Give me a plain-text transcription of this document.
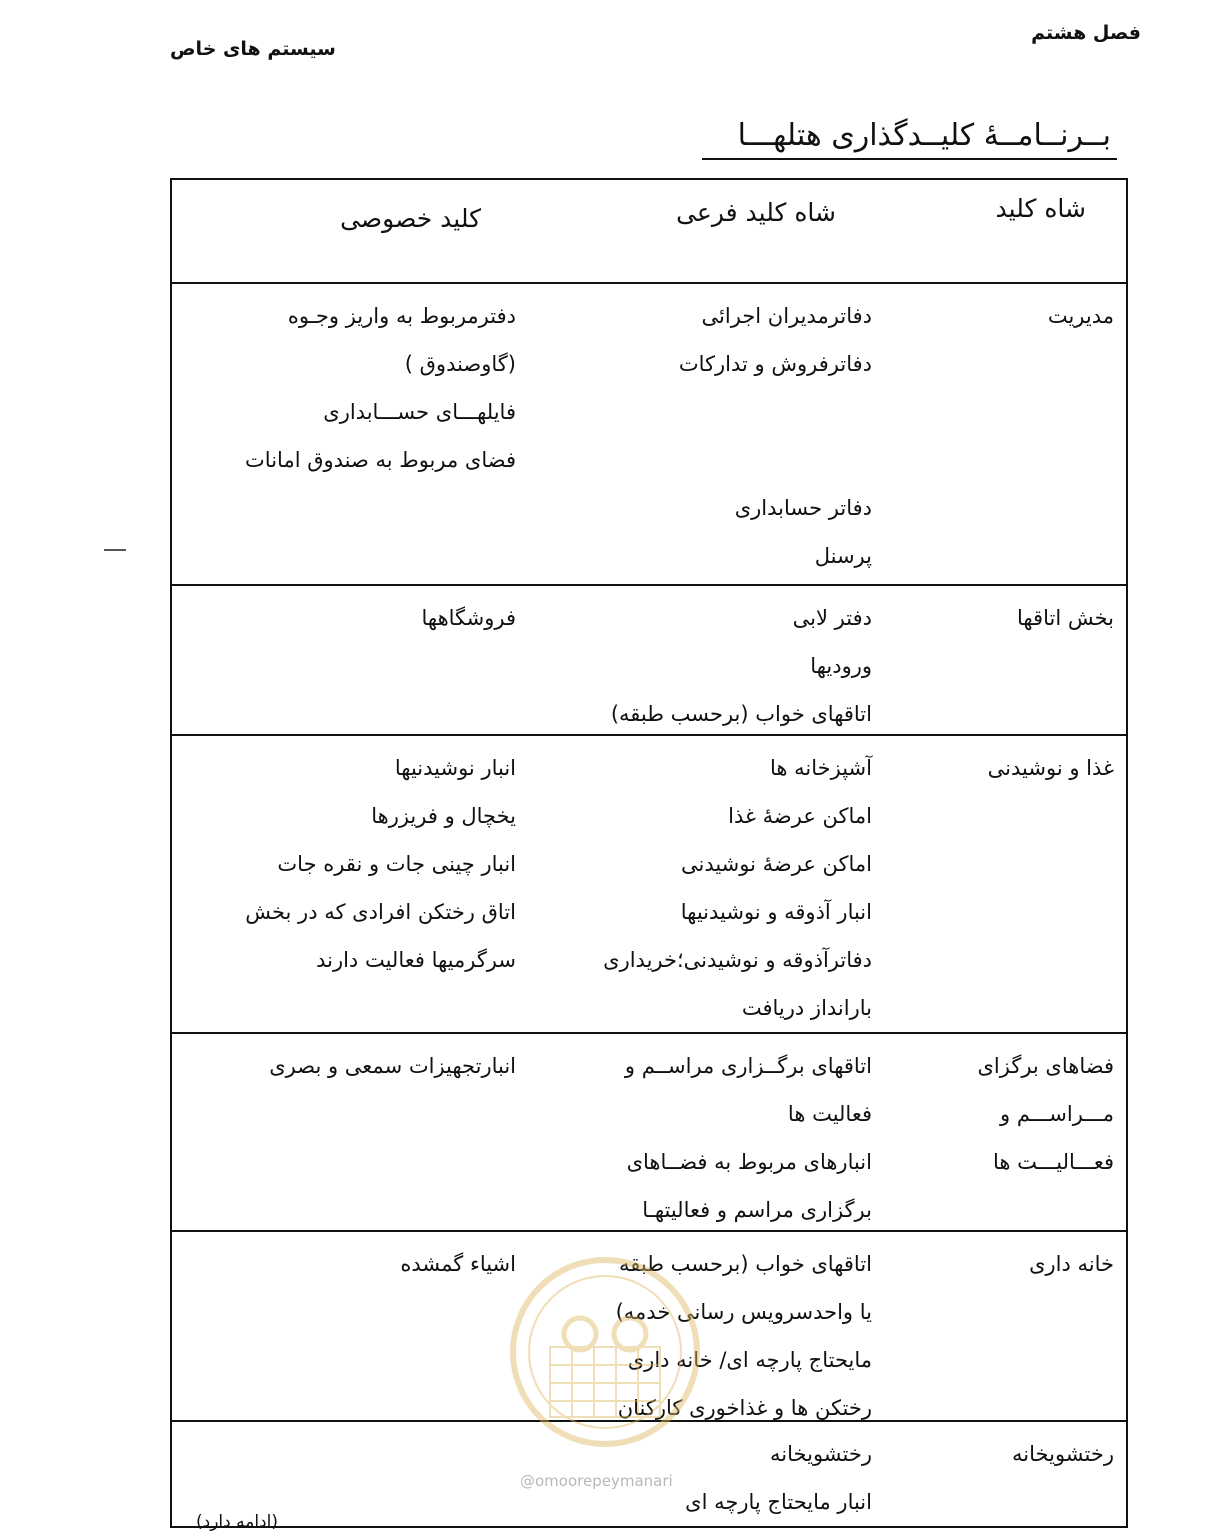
فصل هشتم
سیستم های خاص
بــرنــامــهٔ کلیــدگذاری هتلهـــا
شاه کلید
شاه کلید فرعی
کلید خصوصی
مدیریت
دفاترمدیران اجرائی
دفاترفروش و تدارکات
دفاتر حسابداری
پرسنل
دفترمربوط به واریز وجـوه
(گاوصندوق )
فایلهـــای حســـابداری
فضای مربوط به صندوق امانات
بخش اتاقها
دفتر لابی
ورودیها
اتاقهای خواب (برحسب طبقه)
فروشگاهها
غذا و نوشیدنی
آشپزخانه ها
اماکن عرضهٔ غذا
اماکن عرضهٔ نوشیدنی
انبار آذوقه و نوشیدنیها
دفاترآذوقه و نوشیدنی؛خریداری
بارانداز دریافت
انبار نوشیدنیها
یخچال و فریزرها
انبار چینی جات و نقره جات
اتاق رختکن افرادی که در بخش
سرگرمیها فعالیت دارند
فضاهای برگزای
مـــراســـم و
فعـــالیـــت ها
اتاقهای برگــزاری مراســم و
فعالیت ها
انبارهای مربوط به فضــاهای
برگزاری مراسم و فعالیتهـا
انبارتجهیزات سمعی و بصری
خانه داری
اتاقهای خواب (برحسب طبقه
یا واحدسرویس رسانی خدمه)
مایحتاج پارچه ای/ خانه داری
رختکن ها و غذاخوری کارکنان
اشیاء گمشده
رختشویخانه
رختشویخانه
انبار مایحتاج پارچه ای
@omoorepeymanari
(ادامه دارد)
